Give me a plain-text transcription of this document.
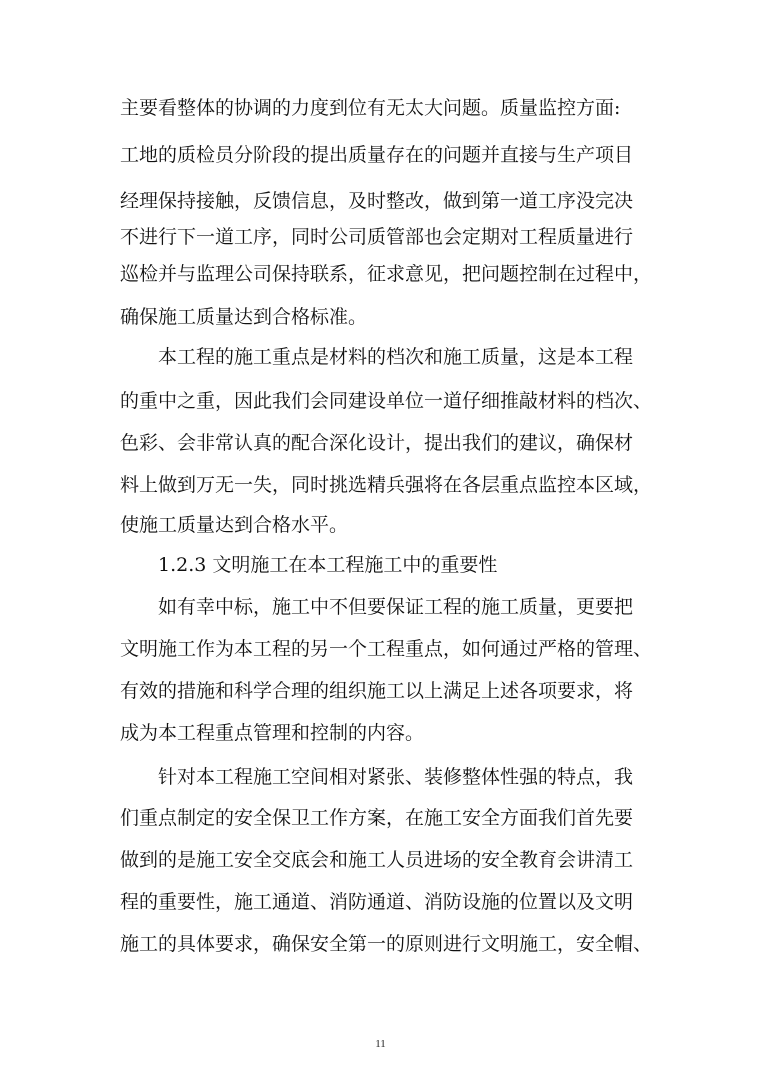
主要看整体的协调的力度到位有无太大问题。质量监控方面:
工地的质检员分阶段的提出质量存在的问题并直接与生产项目
经理保持接触，反馈信息，及时整改，做到第一道工序没完决
不进行下一道工序，同时公司质管部也会定期对工程质量进行
巡检并与监理公司保持联系，征求意见，把问题控制在过程中，
确保施工质量达到合格标准。
本工程的施工重点是材料的档次和施工质量，这是本工程
的重中之重，因此我们会同建设单位一道仔细推敲材料的档次、
色彩、会非常认真的配合深化设计，提出我们的建议，确保材
料上做到万无一失，同时挑选精兵强将在各层重点监控本区域，
使施工质量达到合格水平。
1.2.3 文明施工在本工程施工中的重要性
如有幸中标，施工中不但要保证工程的施工质量，更要把
文明施工作为本工程的另一个工程重点，如何通过严格的管理、
有效的措施和科学合理的组织施工以上满足上述各项要求，将
成为本工程重点管理和控制的内容。
针对本工程施工空间相对紧张、装修整体性强的特点，我
们重点制定的安全保卫工作方案，在施工安全方面我们首先要
做到的是施工安全交底会和施工人员进场的安全教育会讲清工
程的重要性，施工通道、消防通道、消防设施的位置以及文明
施工的具体要求，确保安全第一的原则进行文明施工，安全帽、
11
